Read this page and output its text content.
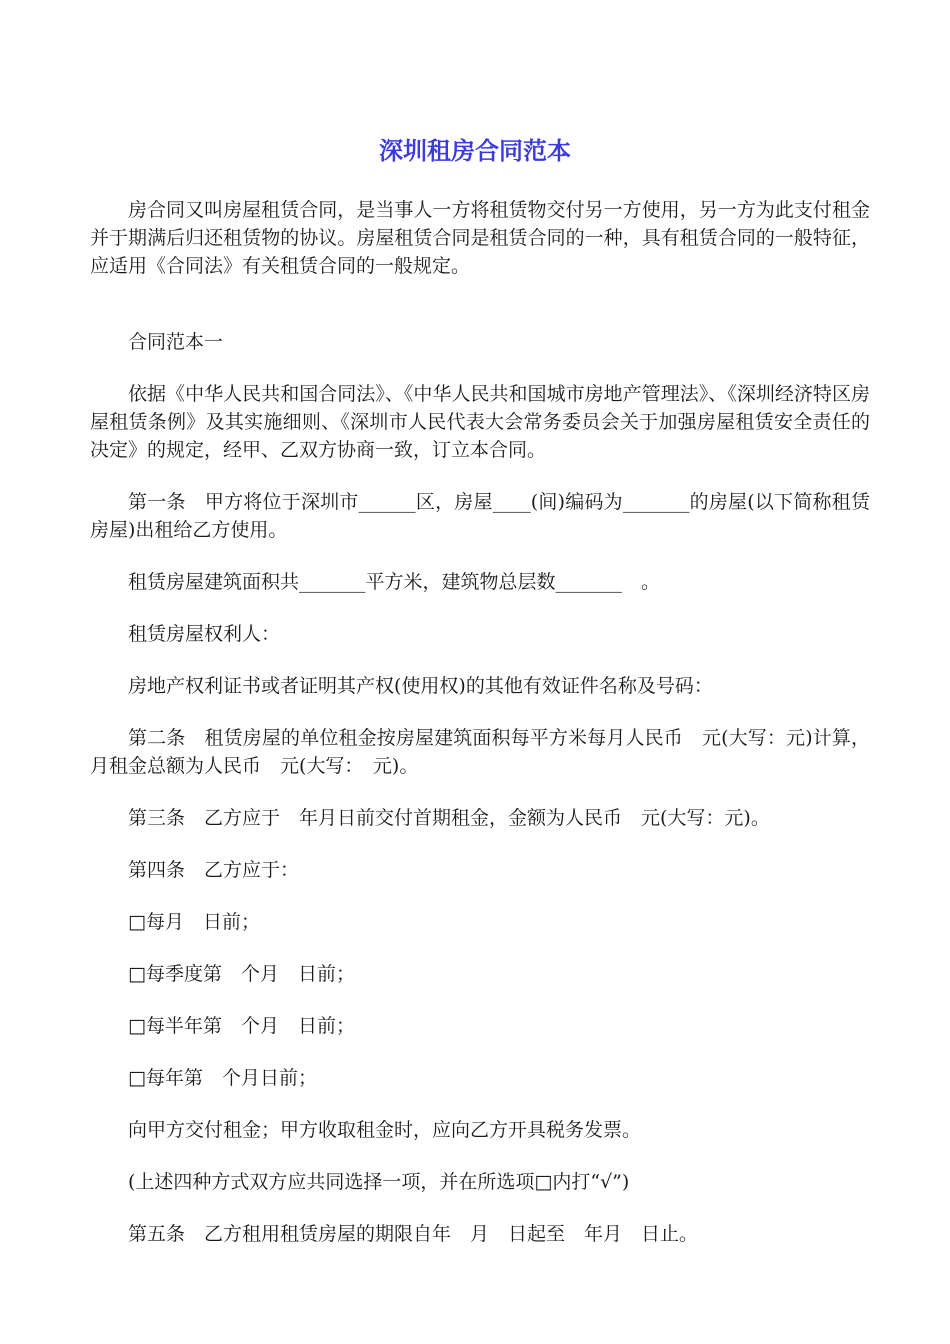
深圳租房合同范本

房合同又叫房屋租赁合同，是当事人一方将租赁物交付另一方使用，另一方为此支付租金并于期满后归还租赁物的协议。房屋租赁合同是租赁合同的一种，具有租赁合同的一般特征，应适用《合同法》有关租赁合同的一般规定。

合同范本一

依据《中华人民共和国合同法》、《中华人民共和国城市房地产管理法》、《深圳经济特区房屋租赁条例》及其实施细则、《深圳市人民代表大会常务委员会关于加强房屋租赁安全责任的决定》的规定，经甲、乙双方协商一致，订立本合同。

第一条　甲方将位于深圳市______区，房屋____(间)编码为_______的房屋(以下简称租赁房屋)出租给乙方使用。

租赁房屋建筑面积共_______平方米，建筑物总层数_______　。

租赁房屋权利人：

房地产权利证书或者证明其产权(使用权)的其他有效证件名称及号码：

第二条　租赁房屋的单位租金按房屋建筑面积每平方米每月人民币　元(大写：元)计算，月租金总额为人民币　元(大写：　元)。

第三条　乙方应于　年月日前交付首期租金，金额为人民币　元(大写：元)。

第四条　乙方应于：

□每月　日前；

□每季度第　个月　日前；

□每半年第　个月　日前；

□每年第　个月日前；

向甲方交付租金；甲方收取租金时，应向乙方开具税务发票。

(上述四种方式双方应共同选择一项，并在所选项□内打“√”)

第五条　乙方租用租赁房屋的期限自年　月　日起至　年月　日止。
